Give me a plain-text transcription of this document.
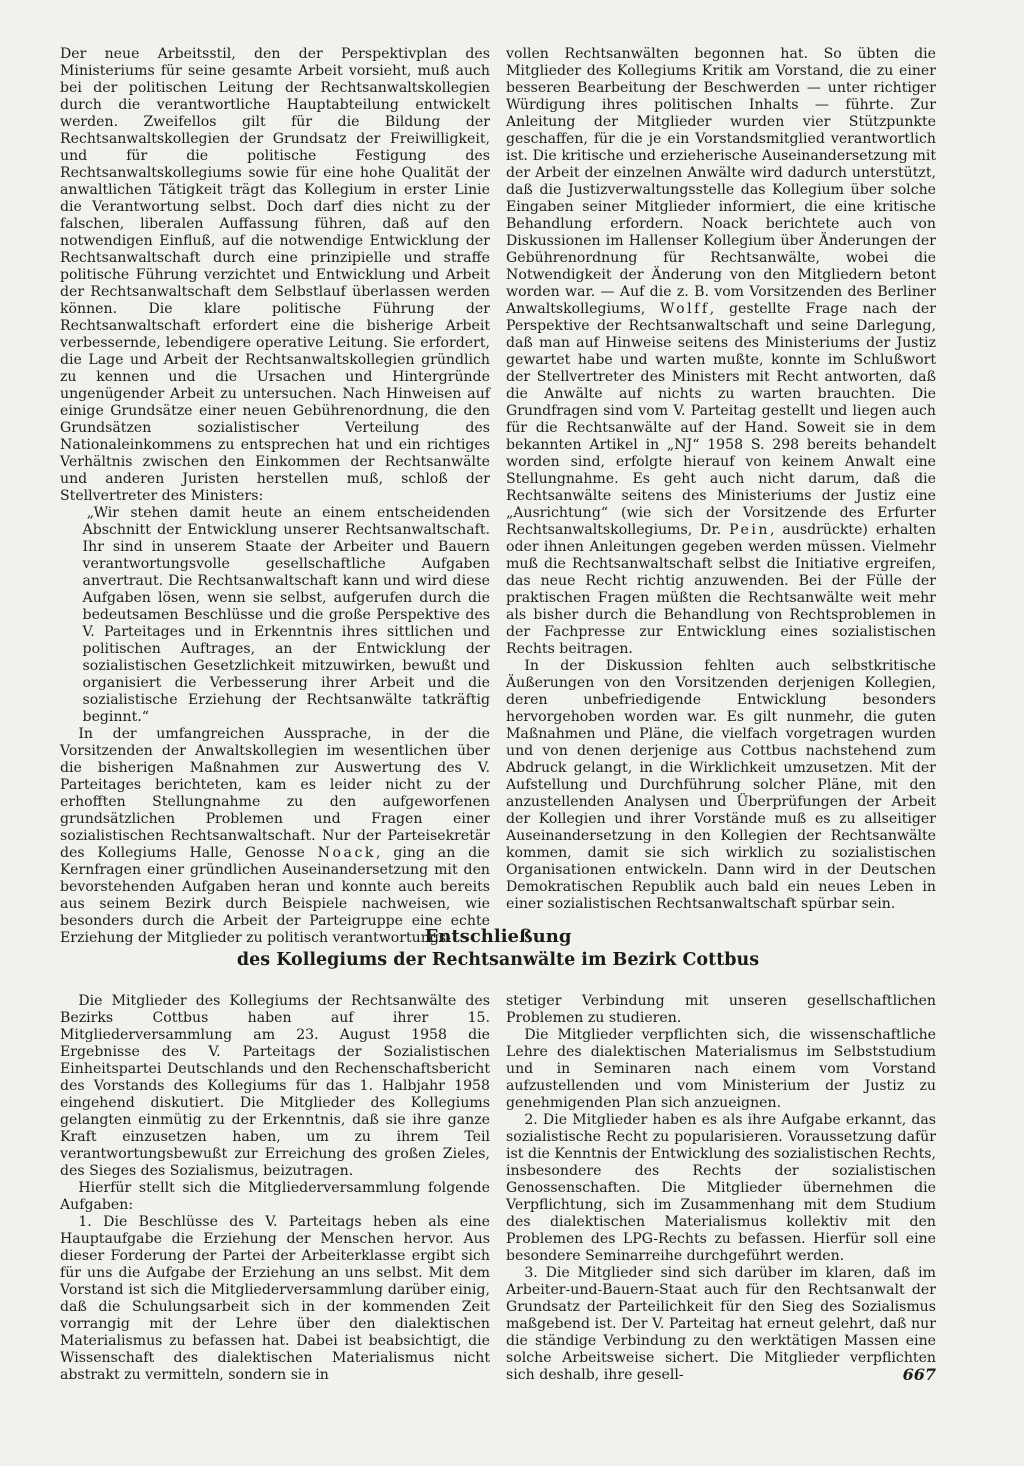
Der neue Arbeitsstil, den der Perspektivplan des Ministeriums für seine gesamte Arbeit vorsieht, muß auch bei der politischen Leitung der Rechtsanwaltskollegien durch die verantwortliche Hauptabteilung entwickelt werden. Zweifellos gilt für die Bildung der Rechtsanwaltskollegien der Grundsatz der Freiwilligkeit, und für die politische Festigung des Rechtsanwaltskollegiums sowie für eine hohe Qualität der anwaltlichen Tätigkeit trägt das Kollegium in erster Linie die Verantwortung selbst. Doch darf dies nicht zu der falschen, liberalen Auffassung führen, daß auf den notwendigen Einfluß, auf die notwendige Entwicklung der Rechtsanwaltschaft durch eine prinzipielle und straffe politische Führung verzichtet und Entwicklung und Arbeit der Rechtsanwaltschaft dem Selbstlauf überlassen werden können. Die klare politische Führung der Rechtsanwaltschaft erfordert eine die bisherige Arbeit verbessernde, lebendigere operative Leitung. Sie erfordert, die Lage und Arbeit der Rechtsanwaltskollegien gründlich zu kennen und die Ursachen und Hintergründe ungenügender Arbeit zu untersuchen. Nach Hinweisen auf einige Grundsätze einer neuen Gebührenordnung, die den Grundsätzen sozialistischer Verteilung des Nationaleinkommens zu entsprechen hat und ein richtiges Verhältnis zwischen den Einkommen der Rechtsanwälte und anderen Juristen herstellen muß, schloß der Stellvertreter des Ministers:

„Wir stehen damit heute an einem entscheidenden Abschnitt der Entwicklung unserer Rechtsanwaltschaft. Ihr sind in unserem Staate der Arbeiter und Bauern verantwortungsvolle gesellschaftliche Aufgaben anvertraut. Die Rechtsanwaltschaft kann und wird diese Aufgaben lösen, wenn sie selbst, aufgerufen durch die bedeutsamen Beschlüsse und die große Perspektive des V. Parteitages und in Erkenntnis ihres sittlichen und politischen Auftrages, an der Entwicklung der sozialistischen Gesetzlichkeit mitzuwirken, bewußt und organisiert die Verbesserung ihrer Arbeit und die sozialistische Erziehung der Rechtsanwälte tatkräftig beginnt.“

In der umfangreichen Aussprache, in der die Vorsitzenden der Anwaltskollegien im wesentlichen über die bisherigen Maßnahmen zur Auswertung des V. Parteitages berichteten, kam es leider nicht zu der erhofften Stellungnahme zu den aufgeworfenen grundsätzlichen Problemen und Fragen einer sozialistischen Rechtsanwaltschaft. Nur der Parteisekretär des Kollegiums Halle, Genosse Noack, ging an die Kernfragen einer gründlichen Auseinandersetzung mit den bevorstehenden Aufgaben heran und konnte auch bereits aus seinem Bezirk durch Beispiele nachweisen, wie besonders durch die Arbeit der Parteigruppe eine echte Erziehung der Mitglieder zu politisch verantwortungs-

vollen Rechtsanwälten begonnen hat. So übten die Mitglieder des Kollegiums Kritik am Vorstand, die zu einer besseren Bearbeitung der Beschwerden — unter richtiger Würdigung ihres politischen Inhalts — führte. Zur Anleitung der Mitglieder wurden vier Stützpunkte geschaffen, für die je ein Vorstandsmitglied verantwortlich ist. Die kritische und erzieherische Auseinandersetzung mit der Arbeit der einzelnen Anwälte wird dadurch unterstützt, daß die Justizverwaltungsstelle das Kollegium über solche Eingaben seiner Mitglieder informiert, die eine kritische Behandlung erfordern. Noack berichtete auch von Diskussionen im Hallenser Kollegium über Änderungen der Gebührenordnung für Rechtsanwälte, wobei die Notwendigkeit der Änderung von den Mitgliedern betont worden war. — Auf die z. B. vom Vorsitzenden des Berliner Anwaltskollegiums, Wolff, gestellte Frage nach der Perspektive der Rechtsanwaltschaft und seine Darlegung, daß man auf Hinweise seitens des Ministeriums der Justiz gewartet habe und warten mußte, konnte im Schlußwort der Stellvertreter des Ministers mit Recht antworten, daß die Anwälte auf nichts zu warten brauchten. Die Grundfragen sind vom V. Parteitag gestellt und liegen auch für die Rechtsanwälte auf der Hand. Soweit sie in dem bekannten Artikel in „NJ“ 1958 S. 298 bereits behandelt worden sind, erfolgte hierauf von keinem Anwalt eine Stellungnahme. Es geht auch nicht darum, daß die Rechtsanwälte seitens des Ministeriums der Justiz eine „Ausrichtung“ (wie sich der Vorsitzende des Erfurter Rechtsanwaltskollegiums, Dr. Pein, ausdrückte) erhalten oder ihnen Anleitungen gegeben werden müssen. Vielmehr muß die Rechtsanwaltschaft selbst die Initiative ergreifen, das neue Recht richtig anzuwenden. Bei der Fülle der praktischen Fragen müßten die Rechtsanwälte weit mehr als bisher durch die Behandlung von Rechtsproblemen in der Fachpresse zur Entwicklung eines sozialistischen Rechts beitragen.

In der Diskussion fehlten auch selbstkritische Äußerungen von den Vorsitzenden derjenigen Kollegien, deren unbefriedigende Entwicklung besonders hervorgehoben worden war. Es gilt nunmehr, die guten Maßnahmen und Pläne, die vielfach vorgetragen wurden und von denen derjenige aus Cottbus nachstehend zum Abdruck gelangt, in die Wirklichkeit umzusetzen. Mit der Aufstellung und Durchführung solcher Pläne, mit den anzustellenden Analysen und Überprüfungen der Arbeit der Kollegien und ihrer Vorstände muß es zu allseitiger Auseinandersetzung in den Kollegien der Rechtsanwälte kommen, damit sie sich wirklich zu sozialistischen Organisationen entwickeln. Dann wird in der Deutschen Demokratischen Republik auch bald ein neues Leben in einer sozialistischen Rechtsanwaltschaft spürbar sein.

Entschließung
des Kollegiums der Rechtsanwälte im Bezirk Cottbus

Die Mitglieder des Kollegiums der Rechtsanwälte des Bezirks Cottbus haben auf ihrer 15. Mitgliederversammlung am 23. August 1958 die Ergebnisse des V. Parteitags der Sozialistischen Einheitspartei Deutschlands und den Rechenschaftsbericht des Vorstands des Kollegiums für das 1. Halbjahr 1958 eingehend diskutiert. Die Mitglieder des Kollegiums gelangten einmütig zu der Erkenntnis, daß sie ihre ganze Kraft einzusetzen haben, um zu ihrem Teil verantwortungsbewußt zur Erreichung des großen Zieles, des Sieges des Sozialismus, beizutragen.

Hierfür stellt sich die Mitgliederversammlung folgende Aufgaben:

1. Die Beschlüsse des V. Parteitags heben als eine Hauptaufgabe die Erziehung der Menschen hervor. Aus dieser Forderung der Partei der Arbeiterklasse ergibt sich für uns die Aufgabe der Erziehung an uns selbst. Mit dem Vorstand ist sich die Mitgliederversammlung darüber einig, daß die Schulungsarbeit sich in der kommenden Zeit vorrangig mit der Lehre über den dialektischen Materialismus zu befassen hat. Dabei ist beabsichtigt, die Wissenschaft des dialektischen Materialismus nicht abstrakt zu vermitteln, sondern sie in

stetiger Verbindung mit unseren gesellschaftlichen Problemen zu studieren.

Die Mitglieder verpflichten sich, die wissenschaftliche Lehre des dialektischen Materialismus im Selbststudium und in Seminaren nach einem vom Vorstand aufzustellenden und vom Ministerium der Justiz zu genehmigenden Plan sich anzueignen.

2. Die Mitglieder haben es als ihre Aufgabe erkannt, das sozialistische Recht zu popularisieren. Voraussetzung dafür ist die Kenntnis der Entwicklung des sozialistischen Rechts, insbesondere des Rechts der sozialistischen Genossenschaften. Die Mitglieder übernehmen die Verpflichtung, sich im Zusammenhang mit dem Studium des dialektischen Materialismus kollektiv mit den Problemen des LPG-Rechts zu befassen. Hierfür soll eine besondere Seminarreihe durchgeführt werden.

3. Die Mitglieder sind sich darüber im klaren, daß im Arbeiter-und-Bauern-Staat auch für den Rechtsanwalt der Grundsatz der Parteilichkeit für den Sieg des Sozialismus maßgebend ist. Der V. Parteitag hat erneut gelehrt, daß nur die ständige Verbindung zu den werktätigen Massen eine solche Arbeitsweise sichert. Die Mitglieder verpflichten sich deshalb, ihre gesell-	667
